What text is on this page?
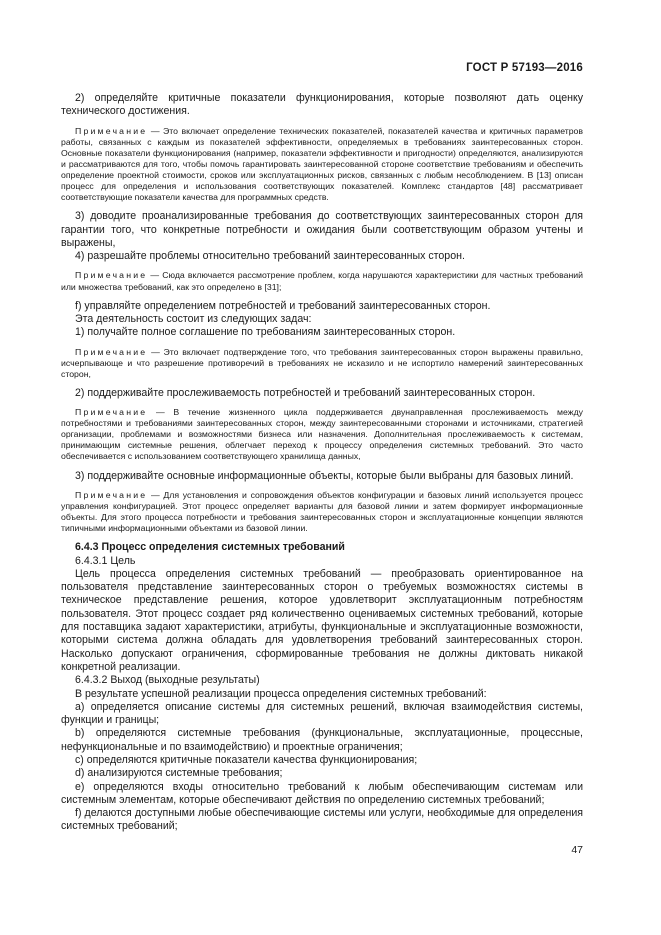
ГОСТ Р 57193—2016

2) определяйте критичные показатели функционирования, которые позволяют дать оценку технического достижения.

Примечание — Это включает определение технических показателей, показателей качества и критичных параметров работы, связанных с каждым из показателей эффективности, определяемых в требованиях заинтересованных сторон. Основные показатели функционирования (например, показатели эффективности и пригодности) определяются, анализируются и рассматриваются для того, чтобы помочь гарантировать заинтересованной стороне соответствие требованиям и обеспечить определение проектной стоимости, сроков или эксплуатационных рисков, связанных с любым несоблюдением. В [13] описан процесс для определения и использования соответствующих показателей. Комплекс стандартов [48] рассматривает соответствующие показатели качества для программных средств.

3) доводите проанализированные требования до соответствующих заинтересованных сторон для гарантии того, что конкретные потребности и ожидания были соответствующим образом учтены и выражены,

4) разрешайте проблемы относительно требований заинтересованных сторон.

Примечание — Сюда включается рассмотрение проблем, когда нарушаются характеристики для частных требований или множества требований, как это определено в [31];

f) управляйте определением потребностей и требований заинтересованных сторон.

Эта деятельность состоит из следующих задач:

1) получайте полное соглашение по требованиям заинтересованных сторон.

Примечание — Это включает подтверждение того, что требования заинтересованных сторон выражены правильно, исчерпывающе и что разрешение противоречий в требованиях не исказило и не испортило намерений заинтересованных сторон,

2) поддерживайте прослеживаемость потребностей и требований заинтересованных сторон.

Примечание — В течение жизненного цикла поддерживается двунаправленная прослеживаемость между потребностями и требованиями заинтересованных сторон, между заинтересованными сторонами и источниками, стратегией организации, проблемами и возможностями бизнеса или назначения. Дополнительная прослеживаемость к системам, принимающим системные решения, облегчает переход к процессу определения системных требований. Это часто обеспечивается с использованием соответствующего хранилища данных,

3) поддерживайте основные информационные объекты, которые были выбраны для базовых линий.

Примечание — Для установления и сопровождения объектов конфигурации и базовых линий используется процесс управления конфигурацией. Этот процесс определяет варианты для базовой линии и затем формирует информационные объекты. Для этого процесса потребности и требования заинтересованных сторон и эксплуатационные концепции являются типичными информационными объектами из базовой линии.

6.4.3 Процесс определения системных требований

6.4.3.1 Цель

Цель процесса определения системных требований — преобразовать ориентированное на пользователя представление заинтересованных сторон о требуемых возможностях системы в техническое представление решения, которое удовлетворит эксплуатационным потребностям пользователя. Этот процесс создает ряд количественно оцениваемых системных требований, которые для поставщика задают характеристики, атрибуты, функциональные и эксплуатационные возможности, которыми система должна обладать для удовлетворения требований заинтересованных сторон. Насколько допускают ограничения, сформированные требования не должны диктовать никакой конкретной реализации.

6.4.3.2 Выход (выходные результаты)

В результате успешной реализации процесса определения системных требований:

a) определяется описание системы для системных решений, включая взаимодействия системы, функции и границы;

b) определяются системные требования (функциональные, эксплуатационные, процессные, нефункциональные и по взаимодействию) и проектные ограничения;

c) определяются критичные показатели качества функционирования;

d) анализируются системные требования;

e) определяются входы относительно требований к любым обеспечивающим системам или системным элементам, которые обеспечивают действия по определению системных требований;

f) делаются доступными любые обеспечивающие системы или услуги, необходимые для определения системных требований;

47
